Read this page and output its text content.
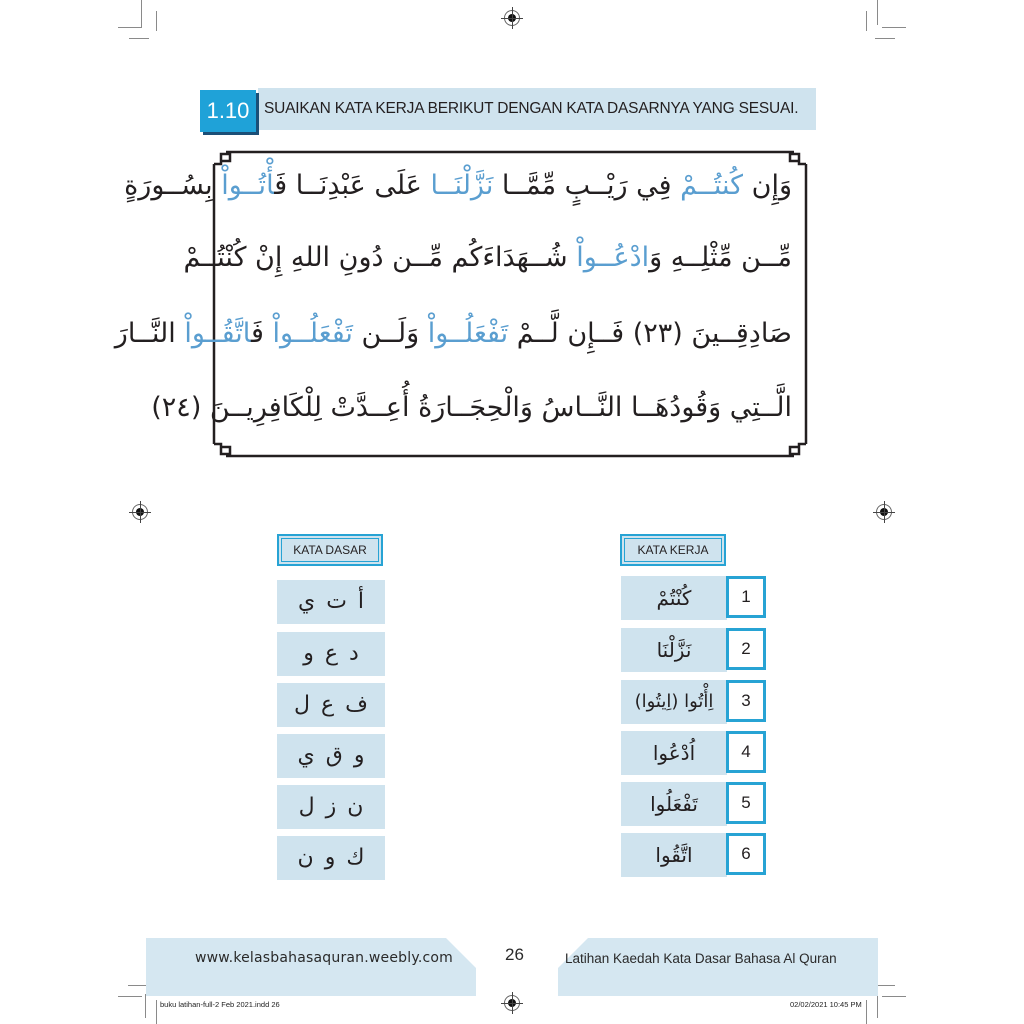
1.10 SUAIKAN KATA KERJA BERIKUT DENGAN KATA DASARNYA YANG SESUAI.
وَإِن كُنتُــمْ فِي رَيْــبٍ مِّمَّــا نَزَّلْنَــا عَلَى عَبْدِنَــا فَأْتُــواْ بِسُــورَةٍ
مِّــن مِّثْلِــهِ وَادْعُــواْ شُــهَدَاءَكُم مِّــن دُونِ اللهِ إِنْ كُنْتُــمْ
صَادِقِــينَ (٢٣) فَــإِن لَّــمْ تَفْعَلُــواْ وَلَــن تَفْعَلُــواْ فَاتَّقُــواْ النَّــارَ
الَّــتِي وَقُودُهَــا النَّــاسُ وَالْحِجَــارَةُ أُعِــدَّتْ لِلْكَافِرِيــنَ (٢٤)
KATA DASAR
أ ت ي
د ع و
ف ع ل
و ق ي
ن ز ل
ك و ن
KATA KERJA
كُنْتُمْ	1
نَزَّلْنَا	2
اِأْتُوا (اِيتُوا)	3
اُدْعُوا	4
تَفْعَلُوا	5
اتَّقُوا	6
www.kelasbahasaquran.weebly.com	26	Latihan Kaedah Kata Dasar Bahasa Al Quran
buku latihan-full-2 Feb 2021.indd 26	02/02/2021 10:45 PM
